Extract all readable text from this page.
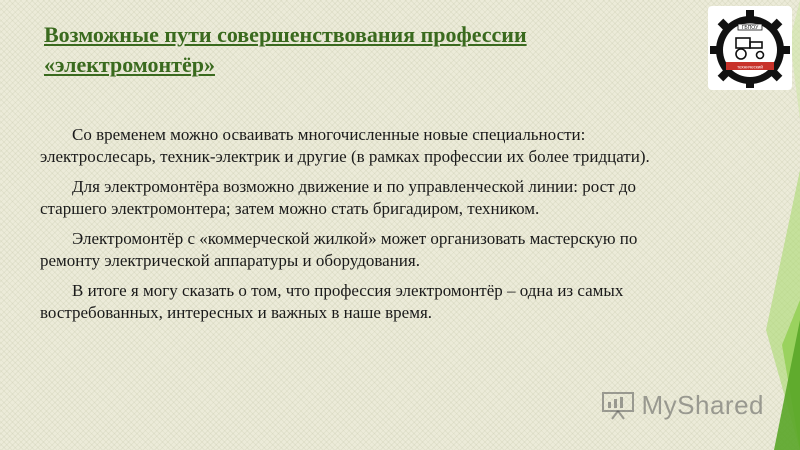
Возможные пути совершенствования профессии «электромонтёр»

Со временем можно осваивать многочисленные новые специальности: электрослесарь, техник-электрик и другие (в рамках профессии их более тридцати).

Для электромонтёра возможно движение и по управленческой линии: рост до старшего электромонтера; затем можно стать бригадиром, техником.

Электромонтёр с «коммерческой жилкой» может организовать мастерскую по ремонту электрической аппаратуры и оборудования.

В итоге я могу сказать о том, что профессия электромонтёр – одна из самых востребованных, интересных и важных в наше время.

ГБПОУ
технический
MyShared
